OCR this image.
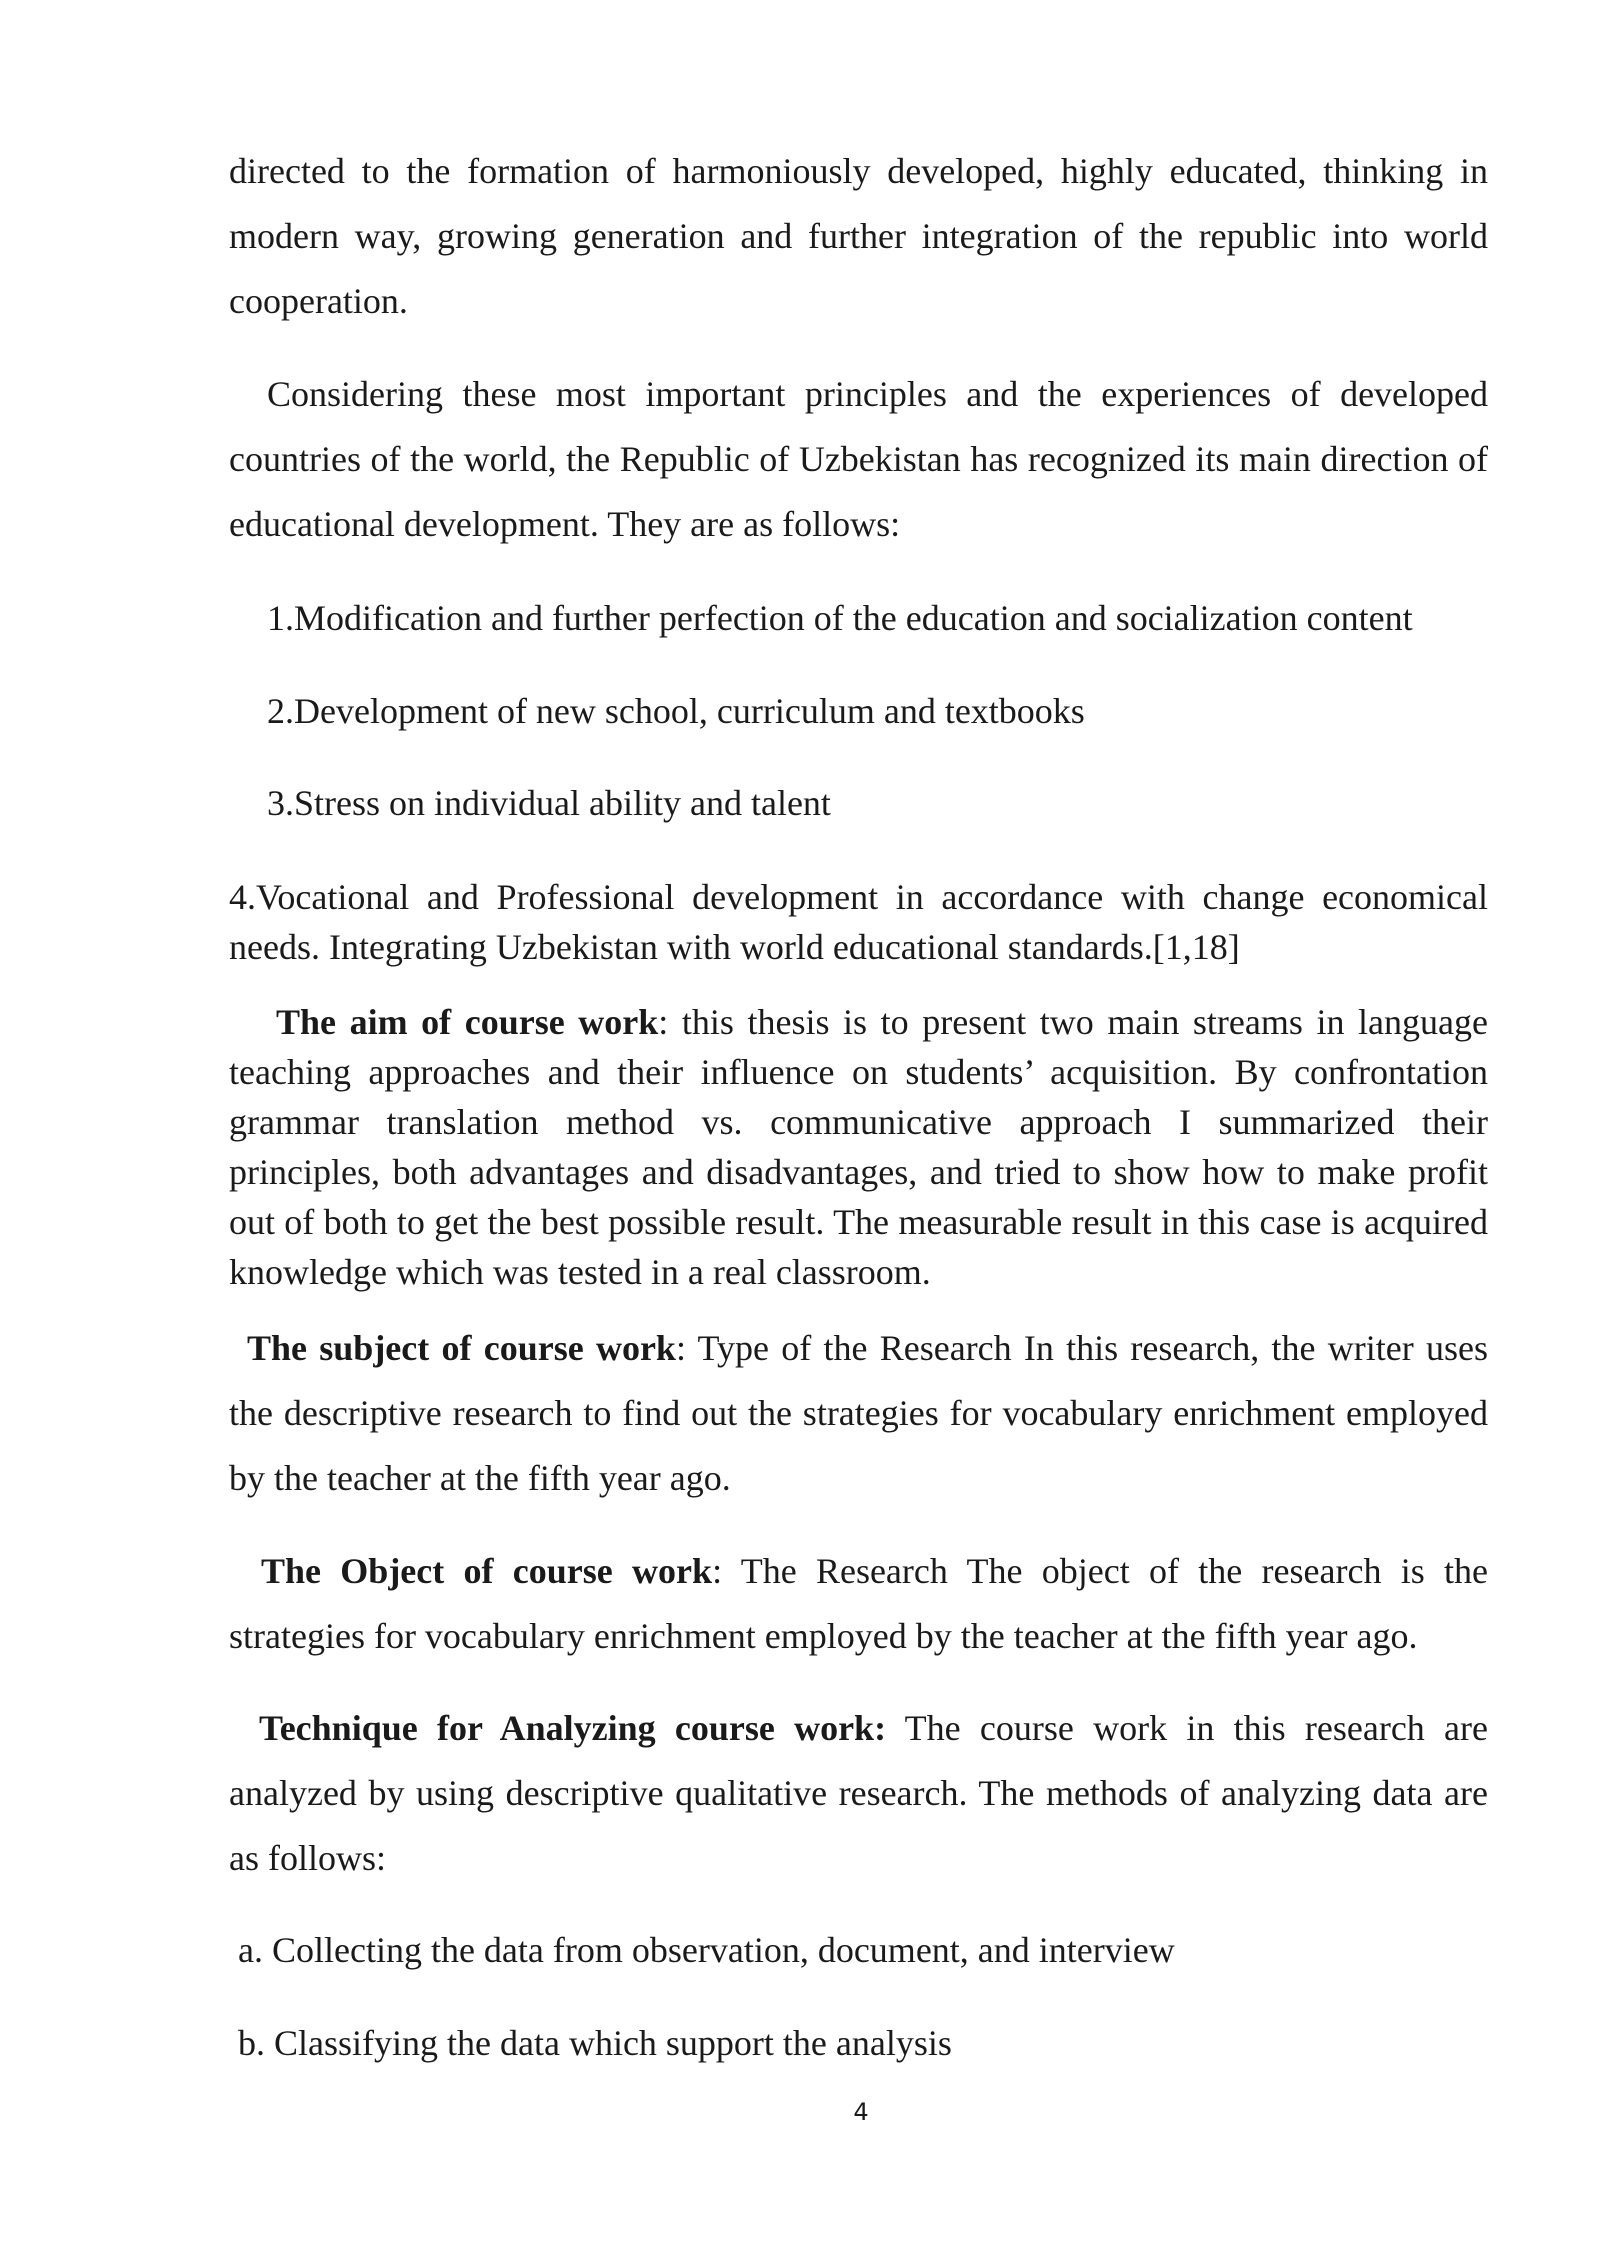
directed to the formation of harmoniously developed, highly educated, thinking in modern way, growing generation and further integration of the republic into world cooperation.

Considering these most important principles and the experiences of developed countries of the world, the Republic of Uzbekistan has recognized its main direction of educational development. They are as follows:

1.Modification and further perfection of the education and socialization content

2.Development of new school, curriculum and textbooks

3.Stress on individual ability and talent

4.Vocational and Professional development in accordance with change economical needs. Integrating Uzbekistan with world educational standards.[1,18]

The aim of course work: this thesis is to present two main streams in language teaching approaches and their influence on students’ acquisition. By confrontation grammar translation method vs. communicative approach I summarized their principles, both advantages and disadvantages, and tried to show how to make profit out of both to get the best possible result. The measurable result in this case is acquired knowledge which was tested in a real classroom.

The subject of course work: Type of the Research In this research, the writer uses the descriptive research to find out the strategies for vocabulary enrichment employed by the teacher at the fifth year ago.

The Object of course work: The Research The object of the research is the strategies for vocabulary enrichment employed by the teacher at the fifth year ago.

Technique for Analyzing course work: The course work in this research are analyzed by using descriptive qualitative research. The methods of analyzing data are as follows:

a. Collecting the data from observation, document, and interview

b. Classifying the data which support the analysis

4
